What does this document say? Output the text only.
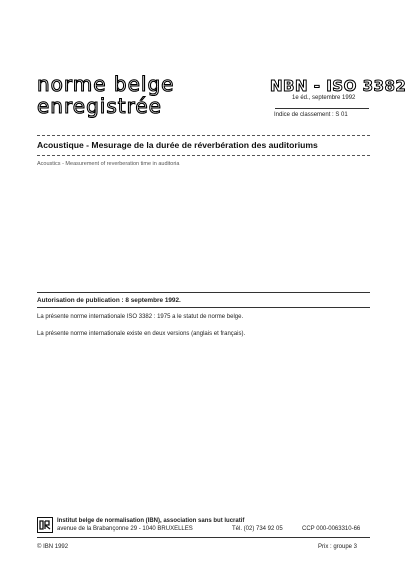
norme belge
enregistrée
NBN - ISO 3382
1e éd., septembre 1992
Indice de classement : S 01
Acoustique - Mesurage de la durée de réverbération des auditoriums
Acoustics - Measurement of reverberation time in auditoria
Autorisation de publication : 8 septembre 1992.
La présente norme internationale ISO 3382 : 1975 a le statut de norme belge.
La présente norme internationale existe en deux versions (anglais et français).
Institut belge de normalisation (IBN), association sans but lucratif
avenue de la Brabançonne 29 - 1040 BRUXELLES	Tél. (02) 734 92 05	CCP 000-0063310-66
© IBN 1992	Prix : groupe 3
